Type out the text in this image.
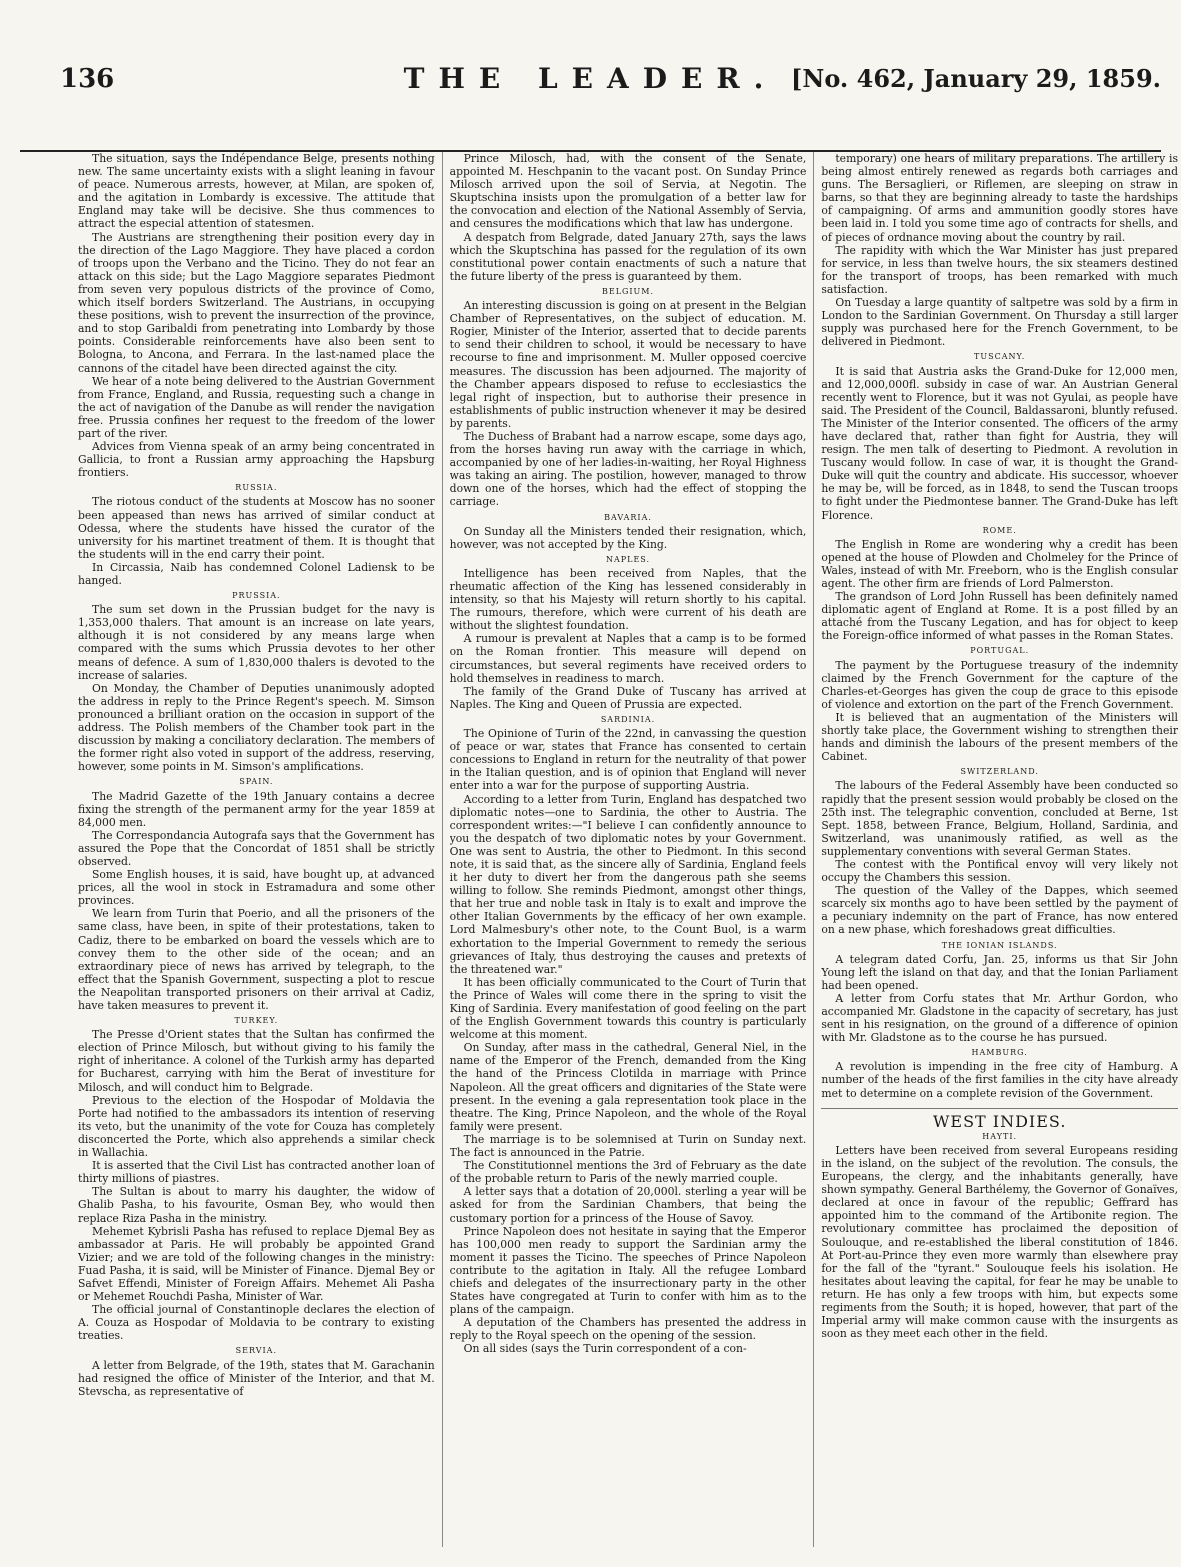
136	THE LEADER. [No. 462, January 29, 1859.

The situation, says the Indépendance Belge, presents nothing new. The same uncertainty exists with a slight leaning in favour of peace. Numerous arrests, however, at Milan, are spoken of, and the agitation in Lombardy is excessive. The attitude that England may take will be decisive. She thus commences to attract the especial attention of statesmen.

The Austrians are strengthening their position every day in the direction of the Lago Maggiore. They have placed a cordon of troops upon the Verbano and the Ticino. They do not fear an attack on this side; but the Lago Maggiore separates Piedmont from seven very populous districts of the province of Como, which itself borders Switzerland. The Austrians, in occupying these positions, wish to prevent the insurrection of the province, and to stop Garibaldi from penetrating into Lombardy by those points. Considerable reinforcements have also been sent to Bologna, to Ancona, and Ferrara. In the last-named place the cannons of the citadel have been directed against the city.

We hear of a note being delivered to the Austrian Government from France, England, and Russia, requesting such a change in the act of navigation of the Danube as will render the navigation free. Prussia confines her request to the freedom of the lower part of the river.

Advices from Vienna speak of an army being concentrated in Gallicia, to front a Russian army approaching the Hapsburg frontiers.

RUSSIA.

The riotous conduct of the students at Moscow has no sooner been appeased than news has arrived of similar conduct at Odessa, where the students have hissed the curator of the university for his martinet treatment of them. It is thought that the students will in the end carry their point.

In Circassia, Naib has condemned Colonel Ladiensk to be hanged.

PRUSSIA.

The sum set down in the Prussian budget for the navy is 1,353,000 thalers. That amount is an increase on late years, although it is not considered by any means large when compared with the sums which Prussia devotes to her other means of defence. A sum of 1,830,000 thalers is devoted to the increase of salaries.

On Monday, the Chamber of Deputies unanimously adopted the address in reply to the Prince Regent's speech. M. Simson pronounced a brilliant oration on the occasion in support of the address. The Polish members of the Chamber took part in the discussion by making a conciliatory declaration. The members of the former right also voted in support of the address, reserving, however, some points in M. Simson's amplifications.

SPAIN.

The Madrid Gazette of the 19th January contains a decree fixing the strength of the permanent army for the year 1859 at 84,000 men.

The Correspondancia Autografa says that the Government has assured the Pope that the Concordat of 1851 shall be strictly observed.

Some English houses, it is said, have bought up, at advanced prices, all the wool in stock in Estramadura and some other provinces.

We learn from Turin that Poerio, and all the prisoners of the same class, have been, in spite of their protestations, taken to Cadiz, there to be embarked on board the vessels which are to convey them to the other side of the ocean; and an extraordinary piece of news has arrived by telegraph, to the effect that the Spanish Government, suspecting a plot to rescue the Neapolitan transported prisoners on their arrival at Cadiz, have taken measures to prevent it.

TURKEY.

The Presse d'Orient states that the Sultan has confirmed the election of Prince Milosch, but without giving to his family the right of inheritance. A colonel of the Turkish army has departed for Bucharest, carrying with him the Berat of investiture for Milosch, and will conduct him to Belgrade.

Previous to the election of the Hospodar of Moldavia the Porte had notified to the ambassadors its intention of reserving its veto, but the unanimity of the vote for Couza has completely disconcerted the Porte, which also apprehends a similar check in Wallachia.

It is asserted that the Civil List has contracted another loan of thirty millions of piastres.

The Sultan is about to marry his daughter, the widow of Ghalib Pasha, to his favourite, Osman Bey, who would then replace Riza Pasha in the ministry.

Mehemet Kybrisli Pasha has refused to replace Djemal Bey as ambassador at Paris. He will probably be appointed Grand Vizier; and we are told of the following changes in the ministry: Fuad Pasha, it is said, will be Minister of Finance. Djemal Bey or Safvet Effendi, Minister of Foreign Affairs. Mehemet Ali Pasha or Mehemet Rouchdi Pasha, Minister of War.

The official journal of Constantinople declares the election of A. Couza as Hospodar of Moldavia to be contrary to existing treaties.

SERVIA.

A letter from Belgrade, of the 19th, states that M. Garachanin had resigned the office of Minister of the Interior, and that M. Stevscha, as representative of

Prince Milosch, had, with the consent of the Senate, appointed M. Heschpanin to the vacant post. On Sunday Prince Milosch arrived upon the soil of Servia, at Negotin. The Skuptschina insists upon the promulgation of a better law for the convocation and election of the National Assembly of Servia, and censures the modifications which that law has undergone.

A despatch from Belgrade, dated January 27th, says the laws which the Skuptschina has passed for the regulation of its own constitutional power contain enactments of such a nature that the future liberty of the press is guaranteed by them.

BELGIUM.

An interesting discussion is going on at present in the Belgian Chamber of Representatives, on the subject of education. M. Rogier, Minister of the Interior, asserted that to decide parents to send their children to school, it would be necessary to have recourse to fine and imprisonment. M. Muller opposed coercive measures. The discussion has been adjourned. The majority of the Chamber appears disposed to refuse to ecclesiastics the legal right of inspection, but to authorise their presence in establishments of public instruction whenever it may be desired by parents.

The Duchess of Brabant had a narrow escape, some days ago, from the horses having run away with the carriage in which, accompanied by one of her ladies-in-waiting, her Royal Highness was taking an airing. The postilion, however, managed to throw down one of the horses, which had the effect of stopping the carriage.

BAVARIA.

On Sunday all the Ministers tended their resignation, which, however, was not accepted by the King.

NAPLES.

Intelligence has been received from Naples, that the rheumatic affection of the King has lessened considerably in intensity, so that his Majesty will return shortly to his capital. The rumours, therefore, which were current of his death are without the slightest foundation.

A rumour is prevalent at Naples that a camp is to be formed on the Roman frontier. This measure will depend on circumstances, but several regiments have received orders to hold themselves in readiness to march.

The family of the Grand Duke of Tuscany has arrived at Naples. The King and Queen of Prussia are expected.

SARDINIA.

The Opinione of Turin of the 22nd, in canvassing the question of peace or war, states that France has consented to certain concessions to England in return for the neutrality of that power in the Italian question, and is of opinion that England will never enter into a war for the purpose of supporting Austria.

According to a letter from Turin, England has despatched two diplomatic notes—one to Sardinia, the other to Austria. The correspondent writes:—"I believe I can confidently announce to you the despatch of two diplomatic notes by your Government. One was sent to Austria, the other to Piedmont. In this second note, it is said that, as the sincere ally of Sardinia, England feels it her duty to divert her from the dangerous path she seems willing to follow. She reminds Piedmont, amongst other things, that her true and noble task in Italy is to exalt and improve the other Italian Governments by the efficacy of her own example. Lord Malmesbury's other note, to the Count Buol, is a warm exhortation to the Imperial Government to remedy the serious grievances of Italy, thus destroying the causes and pretexts of the threatened war."

It has been officially communicated to the Court of Turin that the Prince of Wales will come there in the spring to visit the King of Sardinia. Every manifestation of good feeling on the part of the English Government towards this country is particularly welcome at this moment.

On Sunday, after mass in the cathedral, General Niel, in the name of the Emperor of the French, demanded from the King the hand of the Princess Clotilda in marriage with Prince Napoleon. All the great officers and dignitaries of the State were present. In the evening a gala representation took place in the theatre. The King, Prince Napoleon, and the whole of the Royal family were present.

The marriage is to be solemnised at Turin on Sunday next. The fact is announced in the Patrie.

The Constitutionnel mentions the 3rd of February as the date of the probable return to Paris of the newly married couple.

A letter says that a dotation of 20,000l. sterling a year will be asked for from the Sardinian Chambers, that being the customary portion for a princess of the House of Savoy.

Prince Napoleon does not hesitate in saying that the Emperor has 100,000 men ready to support the Sardinian army the moment it passes the Ticino. The speeches of Prince Napoleon contribute to the agitation in Italy. All the refugee Lombard chiefs and delegates of the insurrectionary party in the other States have congregated at Turin to confer with him as to the plans of the campaign.

A deputation of the Chambers has presented the address in reply to the Royal speech on the opening of the session.

On all sides (says the Turin correspondent of a con-

temporary) one hears of military preparations. The artillery is being almost entirely renewed as regards both carriages and guns. The Bersaglieri, or Riflemen, are sleeping on straw in barns, so that they are beginning already to taste the hardships of campaigning. Of arms and ammunition goodly stores have been laid in. I told you some time ago of contracts for shells, and of pieces of ordnance moving about the country by rail.

The rapidity with which the War Minister has just prepared for service, in less than twelve hours, the six steamers destined for the transport of troops, has been remarked with much satisfaction.

On Tuesday a large quantity of saltpetre was sold by a firm in London to the Sardinian Government. On Thursday a still larger supply was purchased here for the French Government, to be delivered in Piedmont.

TUSCANY.

It is said that Austria asks the Grand-Duke for 12,000 men, and 12,000,000fl. subsidy in case of war. An Austrian General recently went to Florence, but it was not Gyulai, as people have said. The President of the Council, Baldassaroni, bluntly refused. The Minister of the Interior consented. The officers of the army have declared that, rather than fight for Austria, they will resign. The men talk of deserting to Piedmont. A revolution in Tuscany would follow. In case of war, it is thought the Grand-Duke will quit the country and abdicate. His successor, whoever he may be, will be forced, as in 1848, to send the Tuscan troops to fight under the Piedmontese banner. The Grand-Duke has left Florence.

ROME.

The English in Rome are wondering why a credit has been opened at the house of Plowden and Cholmeley for the Prince of Wales, instead of with Mr. Freeborn, who is the English consular agent. The other firm are friends of Lord Palmerston.

The grandson of Lord John Russell has been definitely named diplomatic agent of England at Rome. It is a post filled by an attaché from the Tuscany Legation, and has for object to keep the Foreign-office informed of what passes in the Roman States.

PORTUGAL.

The payment by the Portuguese treasury of the indemnity claimed by the French Government for the capture of the Charles-et-Georges has given the coup de grace to this episode of violence and extortion on the part of the French Government.

It is believed that an augmentation of the Ministers will shortly take place, the Government wishing to strengthen their hands and diminish the labours of the present members of the Cabinet.

SWITZERLAND.

The labours of the Federal Assembly have been conducted so rapidly that the present session would probably be closed on the 25th inst. The telegraphic convention, concluded at Berne, 1st Sept. 1858, between France, Belgium, Holland, Sardinia, and Switzerland, was unanimously ratified, as well as the supplementary conventions with several German States.

The contest with the Pontifical envoy will very likely not occupy the Chambers this session.

The question of the Valley of the Dappes, which seemed scarcely six months ago to have been settled by the payment of a pecuniary indemnity on the part of France, has now entered on a new phase, which foreshadows great difficulties.

THE IONIAN ISLANDS.

A telegram dated Corfu, Jan. 25, informs us that Sir John Young left the island on that day, and that the Ionian Parliament had been opened.

A letter from Corfu states that Mr. Arthur Gordon, who accompanied Mr. Gladstone in the capacity of secretary, has just sent in his resignation, on the ground of a difference of opinion with Mr. Gladstone as to the course he has pursued.

HAMBURG.

A revolution is impending in the free city of Hamburg. A number of the heads of the first families in the city have already met to determine on a complete revision of the Government.

WEST INDIES.
HAYTI.

Letters have been received from several Europeans residing in the island, on the subject of the revolution. The consuls, the Europeans, the clergy, and the inhabitants generally, have shown sympathy. General Barthélemy, the Governor of Gonaïves, declared at once in favour of the republic; Geffrard has appointed him to the command of the Artibonite region. The revolutionary committee has proclaimed the deposition of Soulouque, and re-established the liberal constitution of 1846. At Port-au-Prince they even more warmly than elsewhere pray for the fall of the "tyrant." Soulouque feels his isolation. He hesitates about leaving the capital, for fear he may be unable to return. He has only a few troops with him, but expects some regiments from the South; it is hoped, however, that part of the Imperial army will make common cause with the insurgents as soon as they meet each other in the field.
